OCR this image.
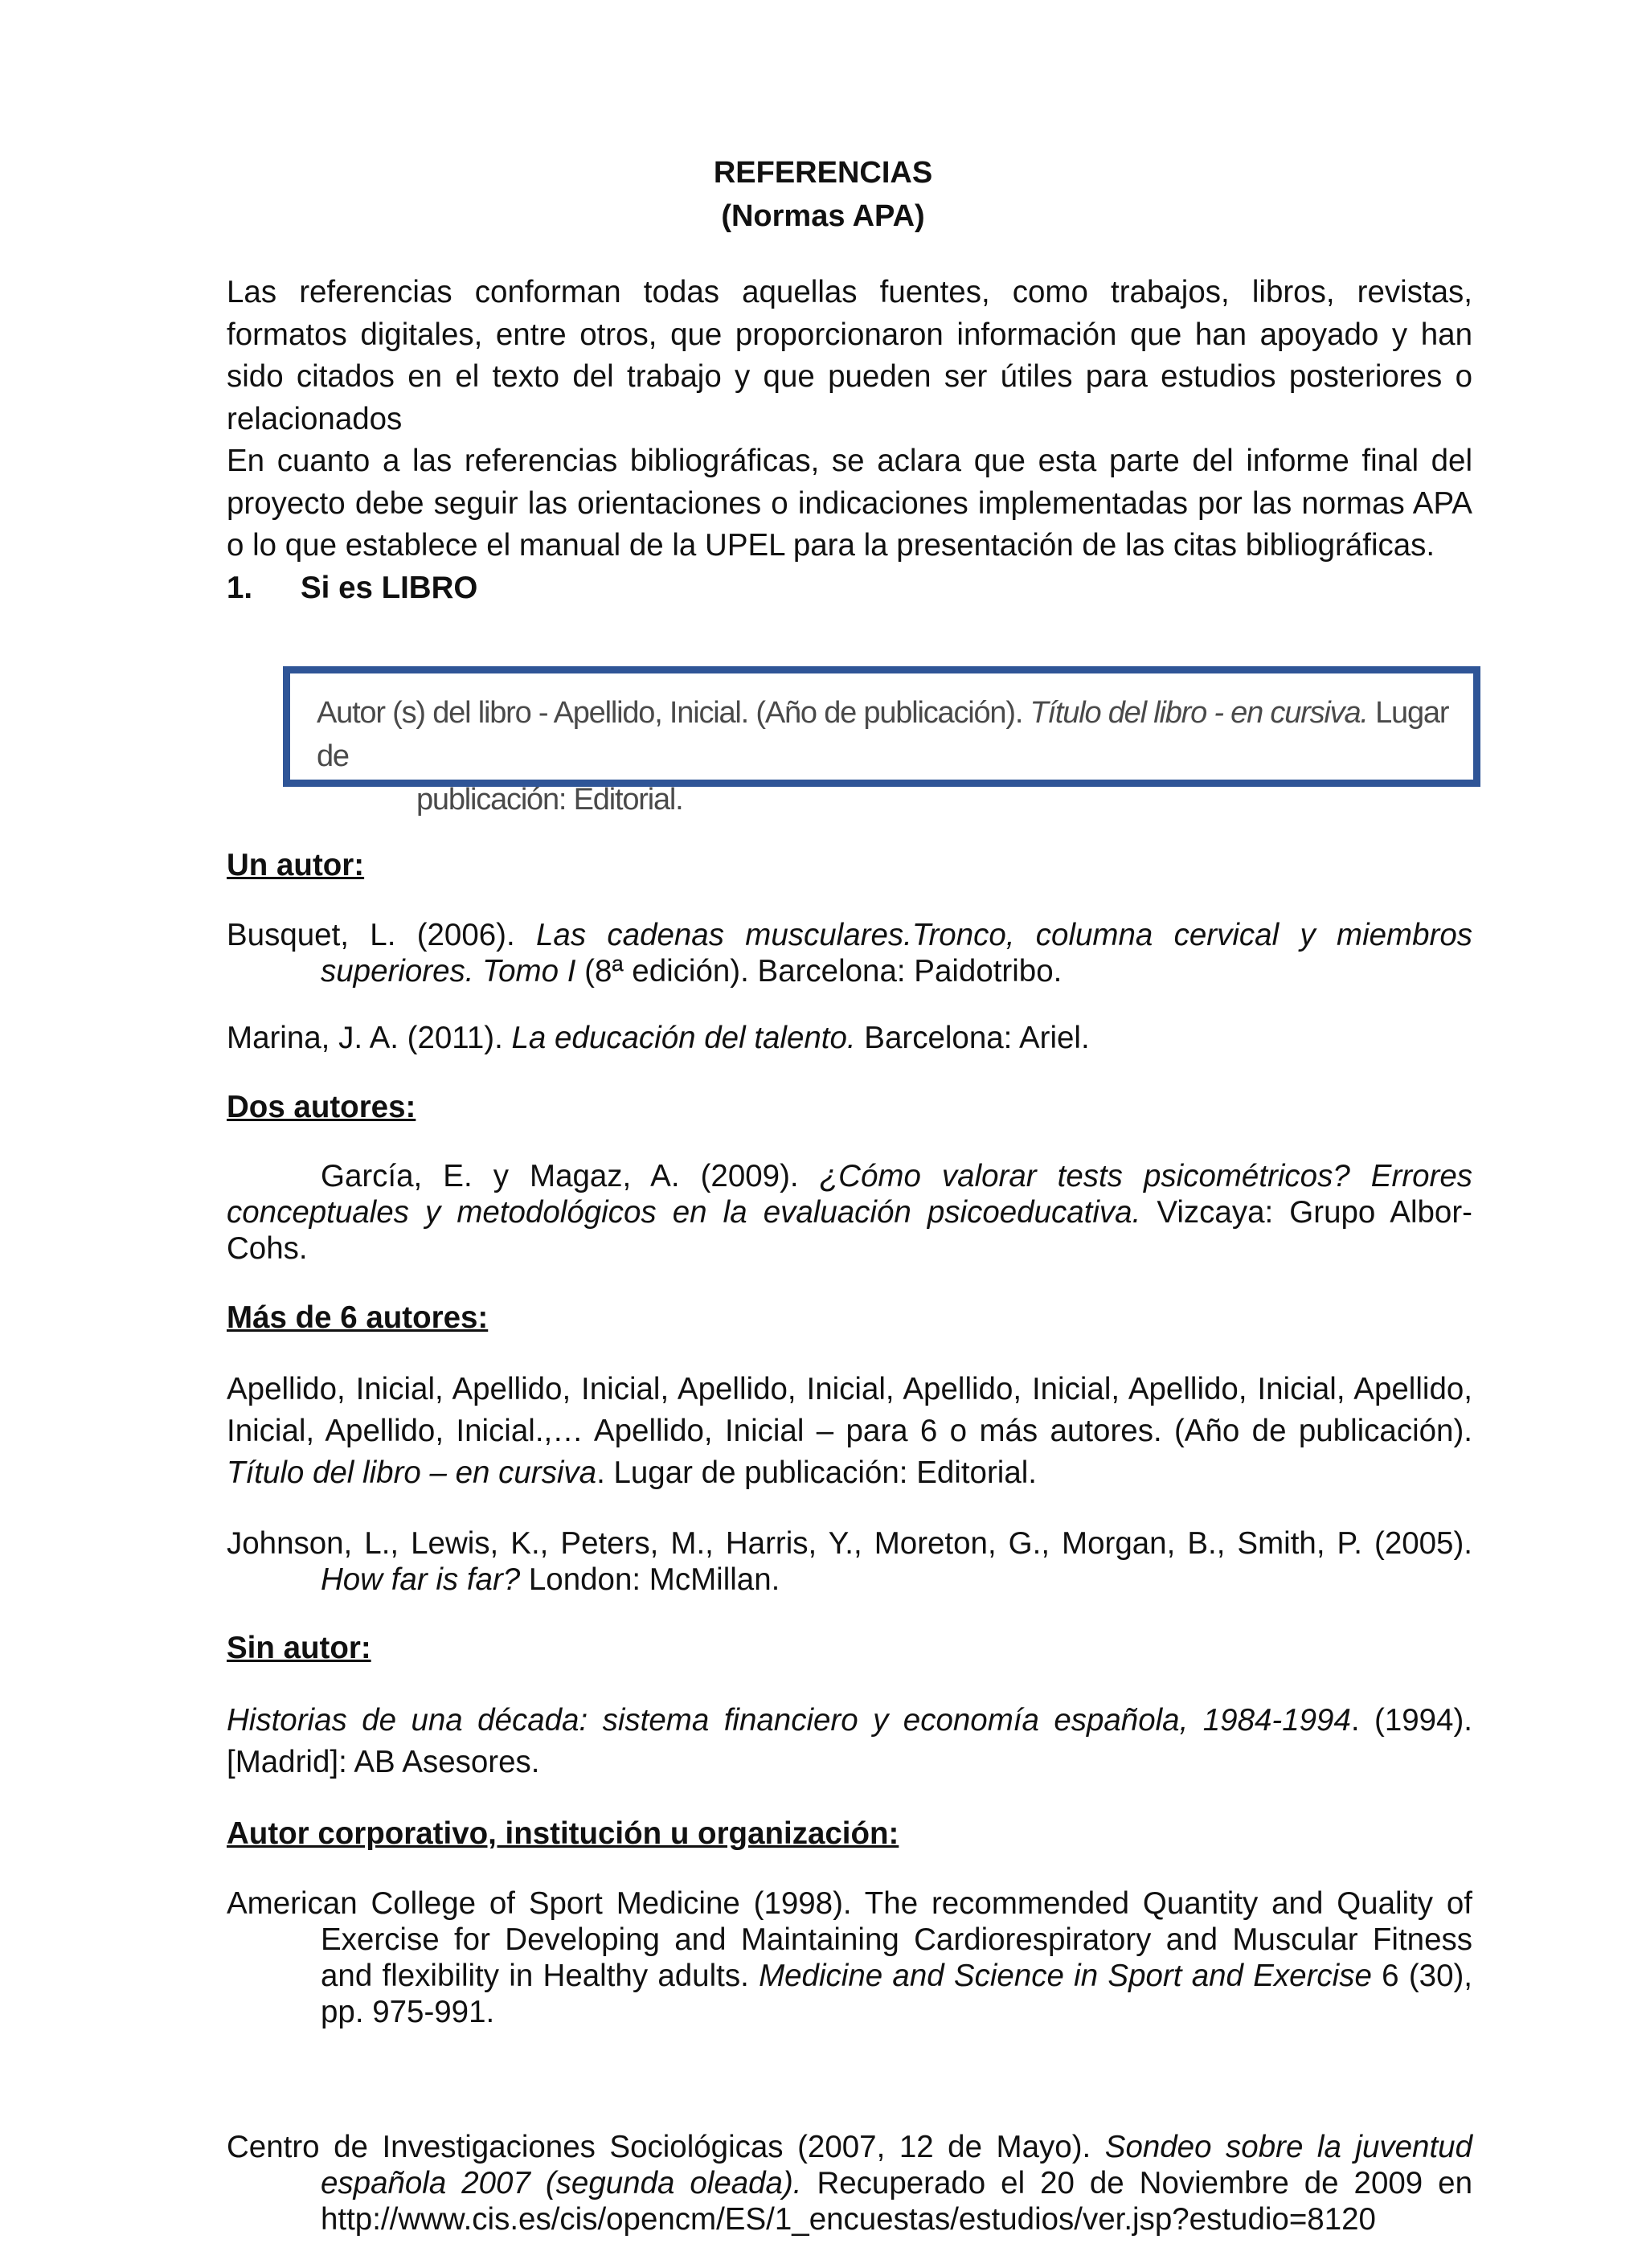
REFERENCIAS
(Normas APA)

Las referencias conforman todas aquellas fuentes, como trabajos, libros, revistas, formatos digitales, entre otros, que proporcionaron información que han apoyado y han sido citados en el texto del trabajo y que pueden ser útiles para estudios posteriores o relacionados

En cuanto a las referencias bibliográficas, se aclara que esta parte del informe final del proyecto debe seguir las orientaciones o indicaciones implementadas por las normas APA o lo que establece el manual de la UPEL para la presentación de las citas bibliográficas.

1.	Si es LIBRO
Autor (s) del libro - Apellido, Inicial. (Año de publicación). Título del libro - en cursiva. Lugar de
publicación: Editorial.
Un autor:

Busquet, L. (2006). Las cadenas musculares.Tronco, columna cervical y miembros superiores. Tomo I (8ª edición). Barcelona: Paidotribo.

Marina, J. A. (2011). La educación del talento. Barcelona: Ariel.

Dos autores:

García, E. y Magaz, A. (2009). ¿Cómo valorar tests psicométricos? Errores conceptuales y metodológicos en la evaluación psicoeducativa. Vizcaya: Grupo Albor-Cohs.

Más de 6 autores:

Apellido, Inicial, Apellido, Inicial, Apellido, Inicial, Apellido, Inicial, Apellido, Inicial, Apellido, Inicial, Apellido, Inicial.,… Apellido, Inicial – para 6 o más autores. (Año de publicación). Título del libro – en cursiva. Lugar de publicación: Editorial.

Johnson, L., Lewis, K., Peters, M., Harris, Y., Moreton, G., Morgan, B., Smith, P. (2005). How far is far? London: McMillan.

Sin autor:

Historias de una década: sistema financiero y economía española, 1984-1994. (1994). [Madrid]: AB Asesores.

Autor corporativo, institución u organización:

American College of Sport Medicine (1998). The recommended Quantity and Quality of Exercise for Developing and Maintaining Cardiorespiratory and Muscular Fitness and flexibility in Healthy adults. Medicine and Science in Sport and Exercise 6 (30), pp. 975-991.

Centro de Investigaciones Sociológicas (2007, 12 de Mayo). Sondeo sobre la juventud española 2007 (segunda oleada). Recuperado el 20 de Noviembre de 2009 en http://www.cis.es/cis/opencm/ES/1_encuestas/estudios/ver.jsp?estudio=8120
